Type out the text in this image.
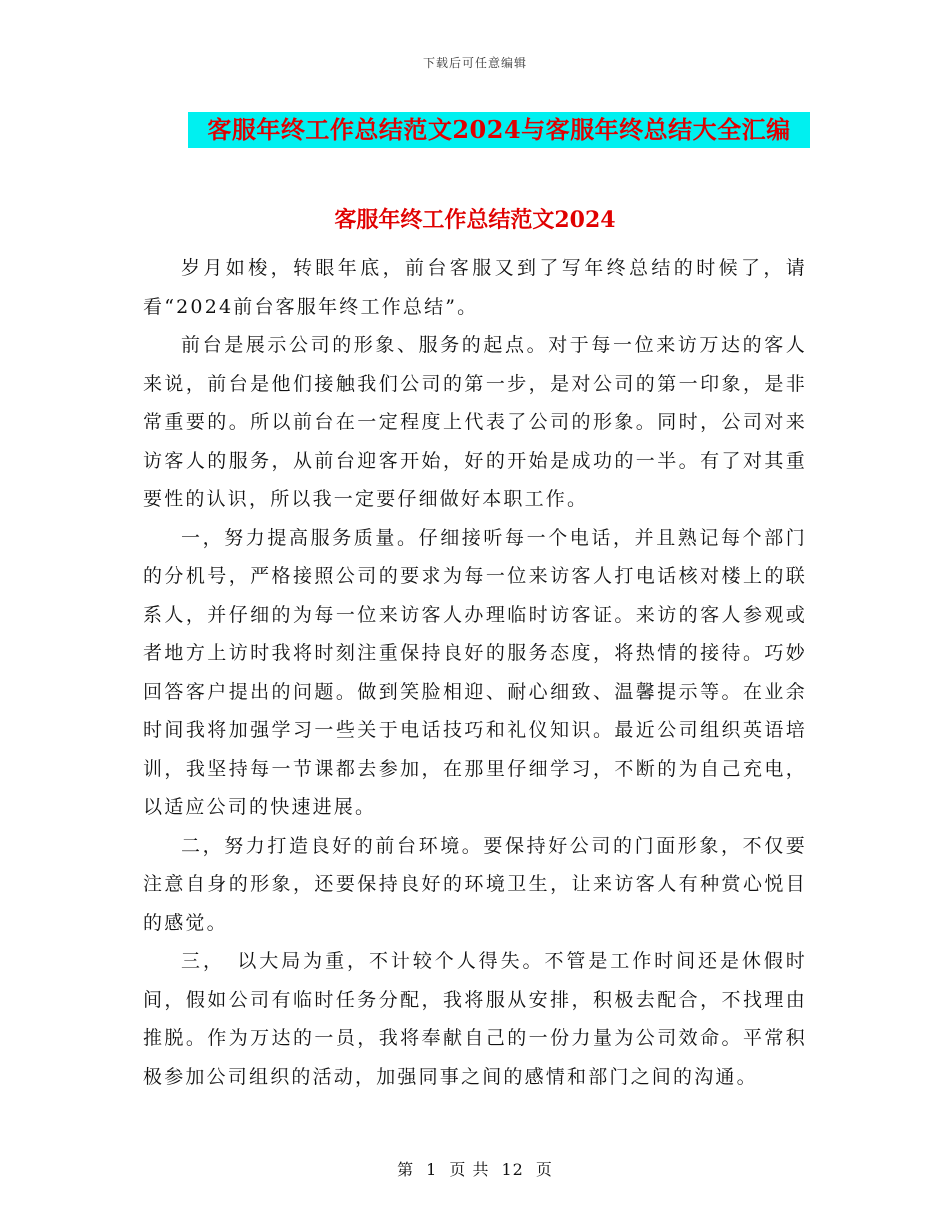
下载后可任意编辑
客服年终工作总结范文2024与客服年终总结大全汇编
客服年终工作总结范文2024

岁月如梭，转眼年底，前台客服又到了写年终总结的时候了，请看“2024前台客服年终工作总结”。

前台是展示公司的形象、服务的起点。对于每一位来访万达的客人来说，前台是他们接触我们公司的第一步，是对公司的第一印象，是非常重要的。所以前台在一定程度上代表了公司的形象。同时，公司对来访客人的服务，从前台迎客开始，好的开始是成功的一半。有了对其重要性的认识，所以我一定要仔细做好本职工作。

一，努力提高服务质量。仔细接听每一个电话，并且熟记每个部门的分机号，严格接照公司的要求为每一位来访客人打电话核对楼上的联系人，并仔细的为每一位来访客人办理临时访客证。来访的客人参观或者地方上访时我将时刻注重保持良好的服务态度，将热情的接待。巧妙回答客户提出的问题。做到笑脸相迎、耐心细致、温馨提示等。在业余时间我将加强学习一些关于电话技巧和礼仪知识。最近公司组织英语培训，我坚持每一节课都去参加，在那里仔细学习，不断的为自己充电，以适应公司的快速进展。

二，努力打造良好的前台环境。要保持好公司的门面形象，不仅要注意自身的形象，还要保持良好的环境卫生，让来访客人有种赏心悦目的感觉。

三，　以大局为重，不计较个人得失。不管是工作时间还是休假时间，假如公司有临时任务分配，我将服从安排，积极去配合，不找理由推脱。作为万达的一员，我将奉献自己的一份力量为公司效命。平常积极参加公司组织的活动，加强同事之间的感情和部门之间的沟通。

第 1 页 共 12 页
